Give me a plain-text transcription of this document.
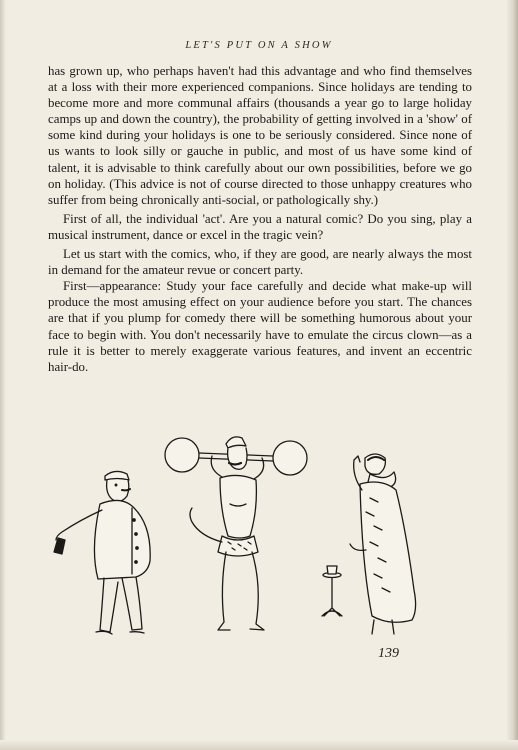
LET'S PUT ON A SHOW

has grown up, who perhaps haven't had this advantage and who find themselves at a loss with their more experienced companions. Since holidays are tending to become more and more communal affairs (thousands a year go to large holiday camps up and down the country), the probability of getting involved in a 'show' of some kind during your holidays is one to be seriously considered. Since none of us wants to look silly or gauche in public, and most of us have some kind of talent, it is advisable to think carefully about our own possibilities, before we go on holiday. (This advice is not of course directed to those unhappy creatures who suffer from being chronically anti-social, or pathologically shy.)

First of all, the individual 'act'. Are you a natural comic? Do you sing, play a musical instrument, dance or excel in the tragic vein?

Let us start with the comics, who, if they are good, are nearly always the most in demand for the amateur revue or concert party.

First—appearance: Study your face carefully and decide what make-up will produce the most amusing effect on your audience before you start. The chances are that if you plump for comedy there will be something humorous about your face to begin with. You don't necessarily have to emulate the circus clown—as a rule it is better to merely exaggerate various features, and invent an eccentric hair-do.

139
